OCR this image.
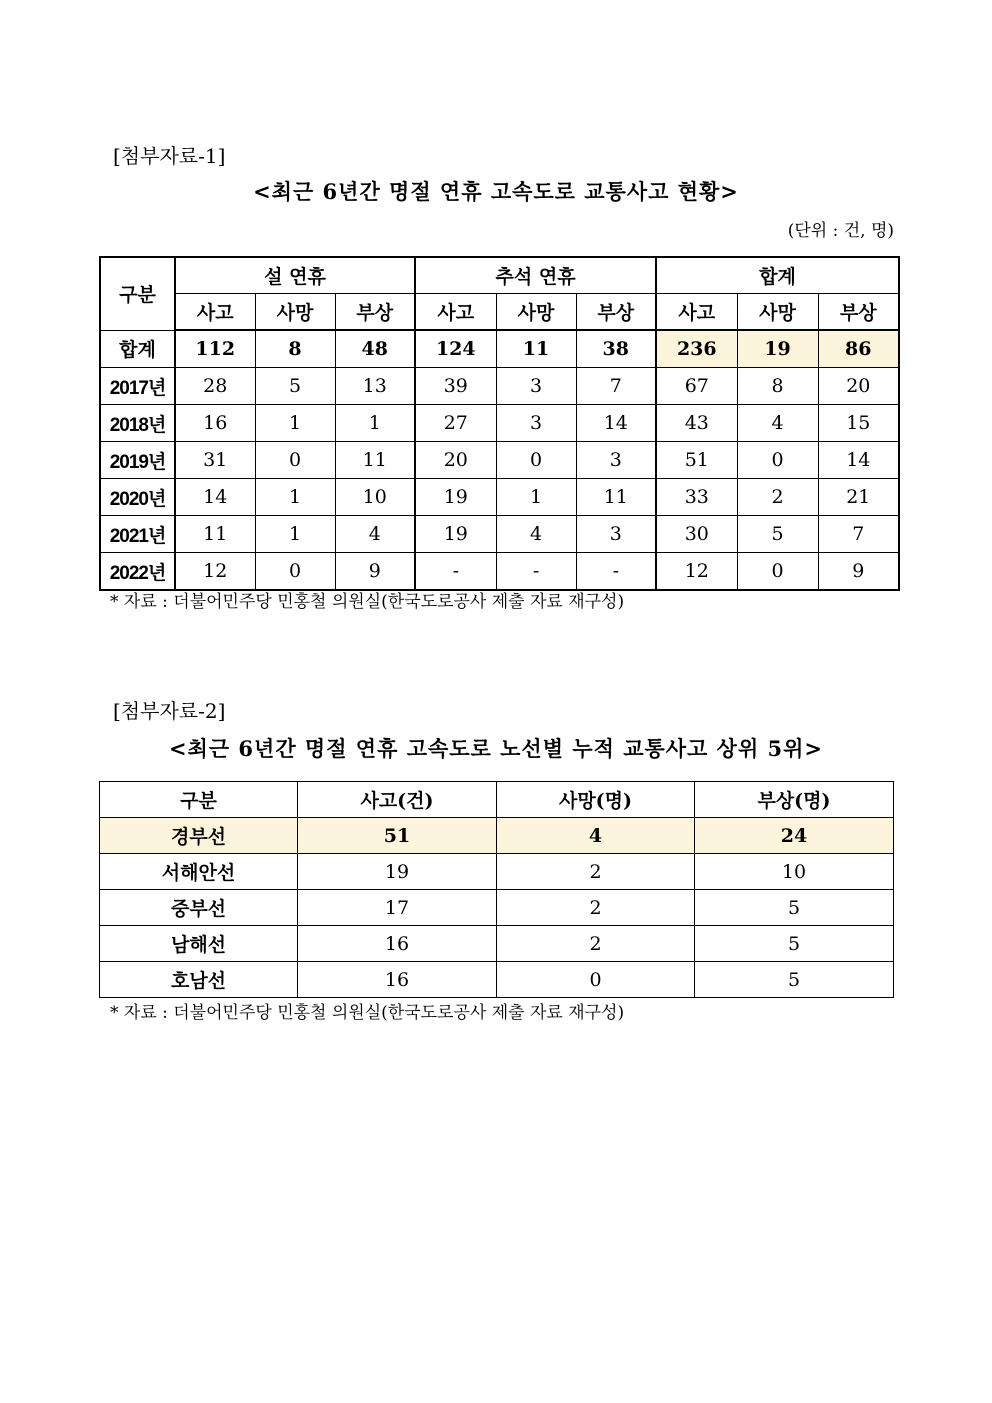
[첨부자료-1]
<최근 6년간 명절 연휴 고속도로 교통사고 현황>
(단위 : 건, 명)
구분	설 연휴			추석 연휴			합계		
	사고	사망	부상	사고	사망	부상	사고	사망	부상
합계	112	8	48	124	11	38	236	19	86
2017년	28	5	13	39	3	7	67	8	20
2018년	16	1	1	27	3	14	43	4	15
2019년	31	0	11	20	0	3	51	0	14
2020년	14	1	10	19	1	11	33	2	21
2021년	11	1	4	19	4	3	30	5	7
2022년	12	0	9	-	-	-	12	0	9
* 자료 : 더불어민주당 민홍철 의원실(한국도로공사 제출 자료 재구성)
[첨부자료-2]
<최근 6년간 명절 연휴 고속도로 노선별 누적 교통사고 상위 5위>
구분	사고(건)	사망(명)	부상(명)
경부선	51	4	24
서해안선	19	2	10
중부선	17	2	5
남해선	16	2	5
호남선	16	0	5
* 자료 : 더불어민주당 민홍철 의원실(한국도로공사 제출 자료 재구성)
